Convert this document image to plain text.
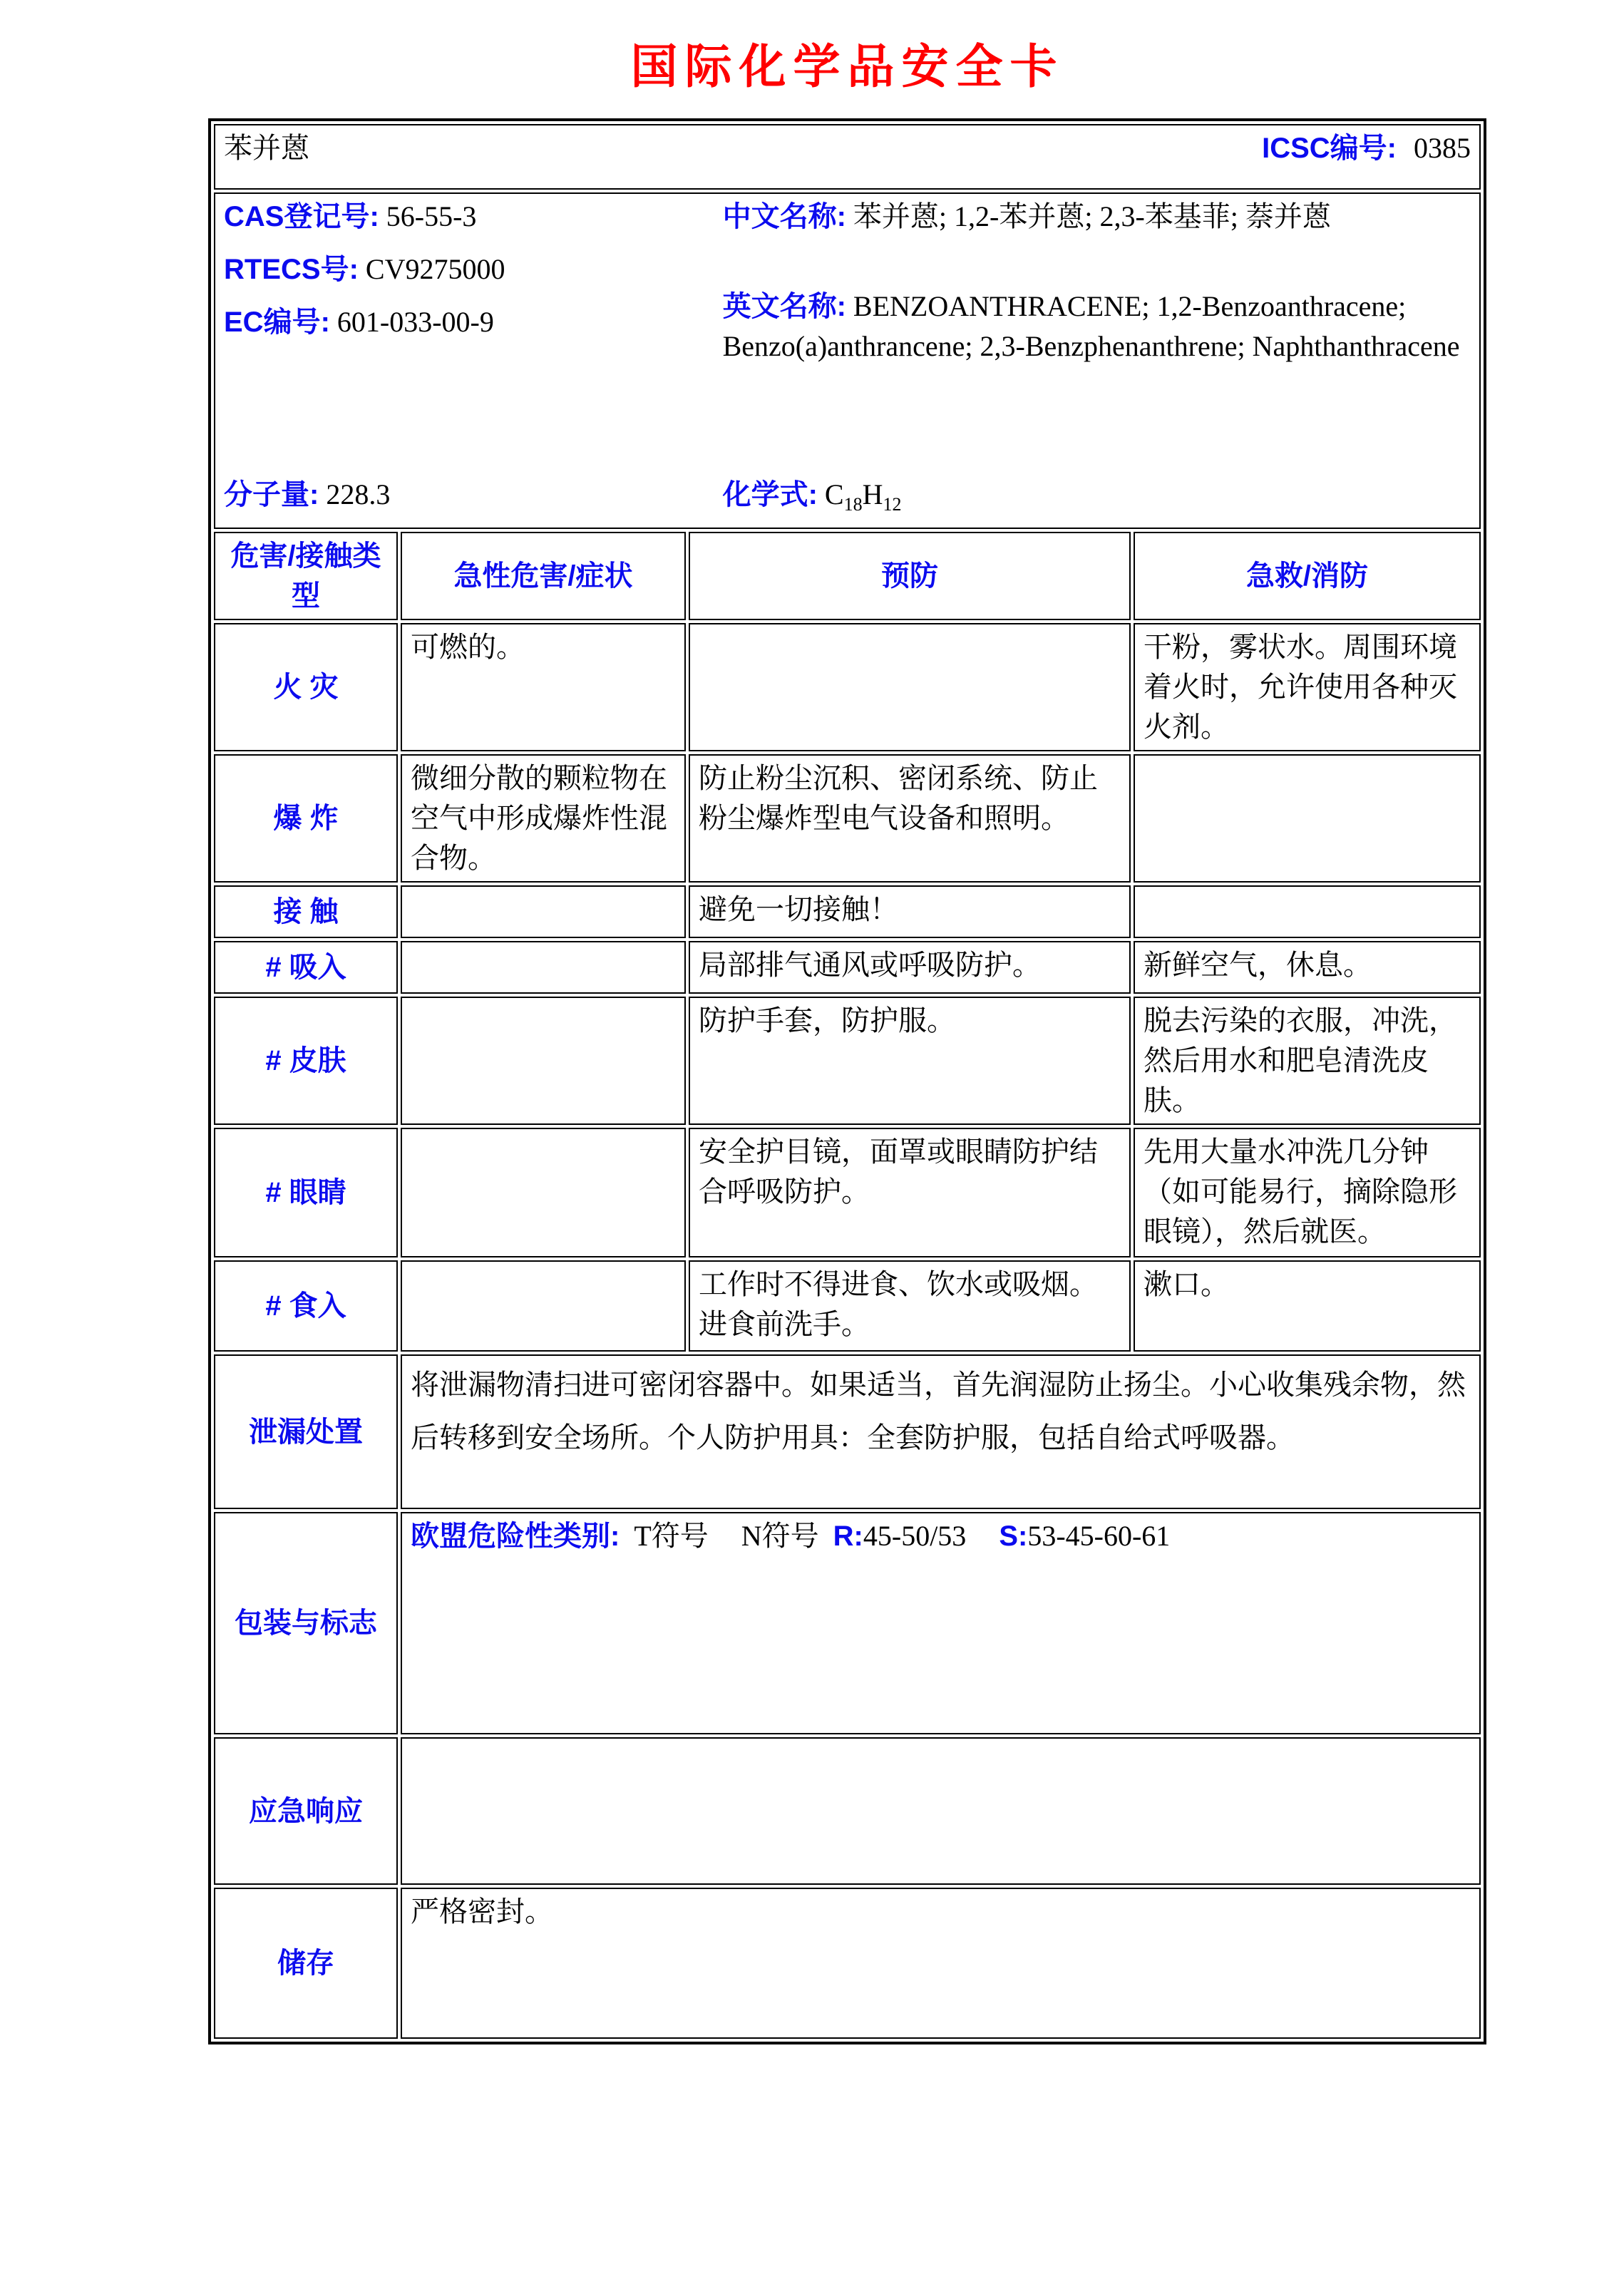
国际化学品安全卡
苯并蒽 ICSC编号: 0385			

CAS登记号: 56-55-3

RTECS号: CV9275000

EC编号: 601-033-00-9

分子量: 228.3

中文名称: 苯并蒽; 1,2-苯并蒽; 2,3-苯基菲; 萘并蒽

英文名称: BENZOANTHRACENE; 1,2-Benzoanthracene; Benzo(a)anthrancene; 2,3-Benzphenanthrene; Naphthanthracene

化学式: $C_{18}H_{12}$

危害/接触类型	急性危害/症状	预防	急救/消防
火 灾	可燃的。		干粉，雾状水。周围环境着火时，允许使用各种灭火剂。
爆 炸	微细分散的颗粒物在空气中形成爆炸性混合物。	防止粉尘沉积、密闭系统、防止粉尘爆炸型电气设备和照明。	
接 触		避免一切接触！	
# 吸入		局部排气通风或呼吸防护。	新鲜空气，休息。
# 皮肤		防护手套，防护服。	脱去污染的衣服，冲洗，然后用水和肥皂清洗皮肤。
# 眼睛		安全护目镜，面罩或眼睛防护结合呼吸防护。	先用大量水冲洗几分钟（如可能易行，摘除隐形眼镜），然后就医。
# 食入		工作时不得进食、饮水或吸烟。进食前洗手。	漱口。
泄漏处置	将泄漏物清扫进可密闭容器中。如果适当，首先润湿防止扬尘。小心收集残余物，然后转移到安全场所。个人防护用具：全套防护服，包括自给式呼吸器。		
包装与标志	欧盟危险性类别: T符号 N符号 R:45-50/53 S:53-45-60-61		
应急响应			
储存	严格密封。		
